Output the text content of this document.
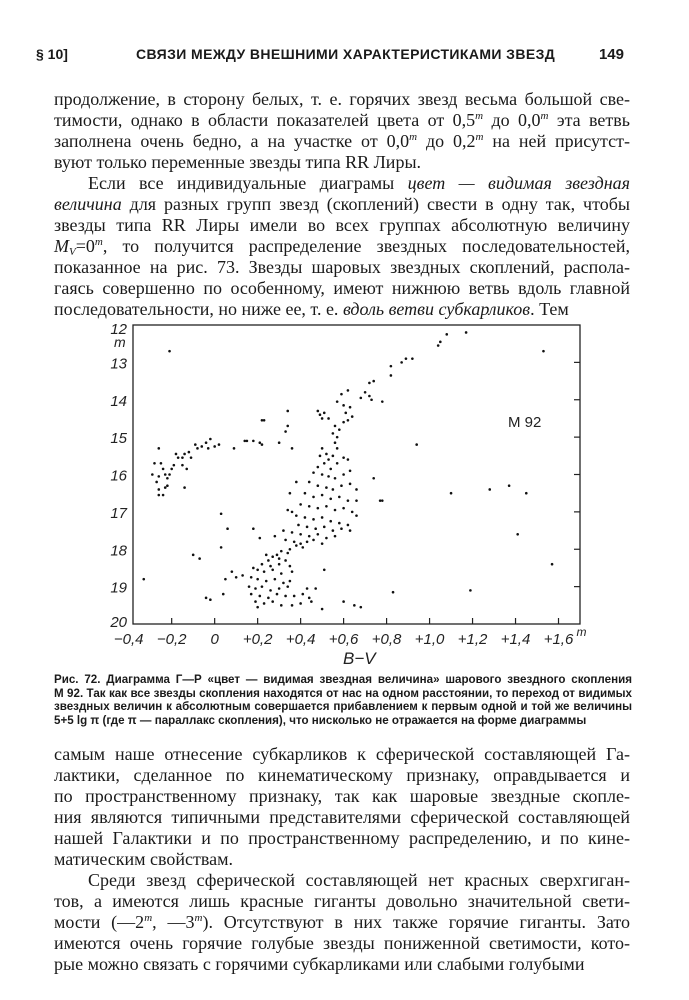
§ 10]	СВЯЗИ МЕЖДУ ВНЕШНИМИ ХАРАКТЕРИСТИКАМИ ЗВЕЗД	149
продолжение, в сторону белых, т. е. горячих звезд весьма большой све-
тимости, однако в области показателей цвета от 0,5$^m$ до 0,0$^m$ эта ветвь
заполнена очень бедно, а на участке от 0,0$^m$ до 0,2$^m$ на ней присутст-
вуют только переменные звезды типа RR Лиры.
Если все индивидуальные диаграмы цвет — видимая звездная
величина для разных групп звезд (скоплений) свести в одну так, чтобы
звезды типа RR Лиры имели во всех группах абсолютную величину
$M_V=0^m$, то получится распределение звездных последовательностей,
показанное на рис. 73. Звезды шаровых звездных скоплений, распола-
гаясь совершенно по особенному, имеют нижнюю ветвь вдоль главной
последовательности, но ниже ее, т. е. вдоль ветви субкарликов. Тем
−0,4 −0,2 0 +0,2 +0,4 +0,6 +0,8 +1,0 +1,2 +1,4 +1,6 m
12
13
14
15
16
17
18
19
20
М 92
m
B−V
Рис. 72. Диаграмма Г—Р «цвет — видимая звездная величина» шарового звездного скопления
М 92. Так как все звезды скопления находятся от нас на одном расстоянии, то переход от видимых
звездных величин к абсолютным совершается прибавлением к первым одной и той же величины
5+5 lg π (где π — параллакс скопления), что нисколько не отражается на форме диаграммы
самым наше отнесение субкарликов к сферической составляющей Га-
лактики, сделанное по кинематическому признаку, оправдывается и
по пространственному признаку, так как шаровые звездные скопле-
ния являются типичными представителями сферической составляющей
нашей Галактики и по пространственному распределению, и по кине-
матическим свойствам.
Среди звезд сферической составляющей нет красных сверхгиган-
тов, а имеются лишь красные гиганты довольно значительной свети-
мости (—2$^m$, —3$^m$). Отсутствуют в них также горячие гиганты. Зато
имеются очень горячие голубые звезды пониженной светимости, кото-
рые можно связать с горячими субкарликами или слабыми голубыми
